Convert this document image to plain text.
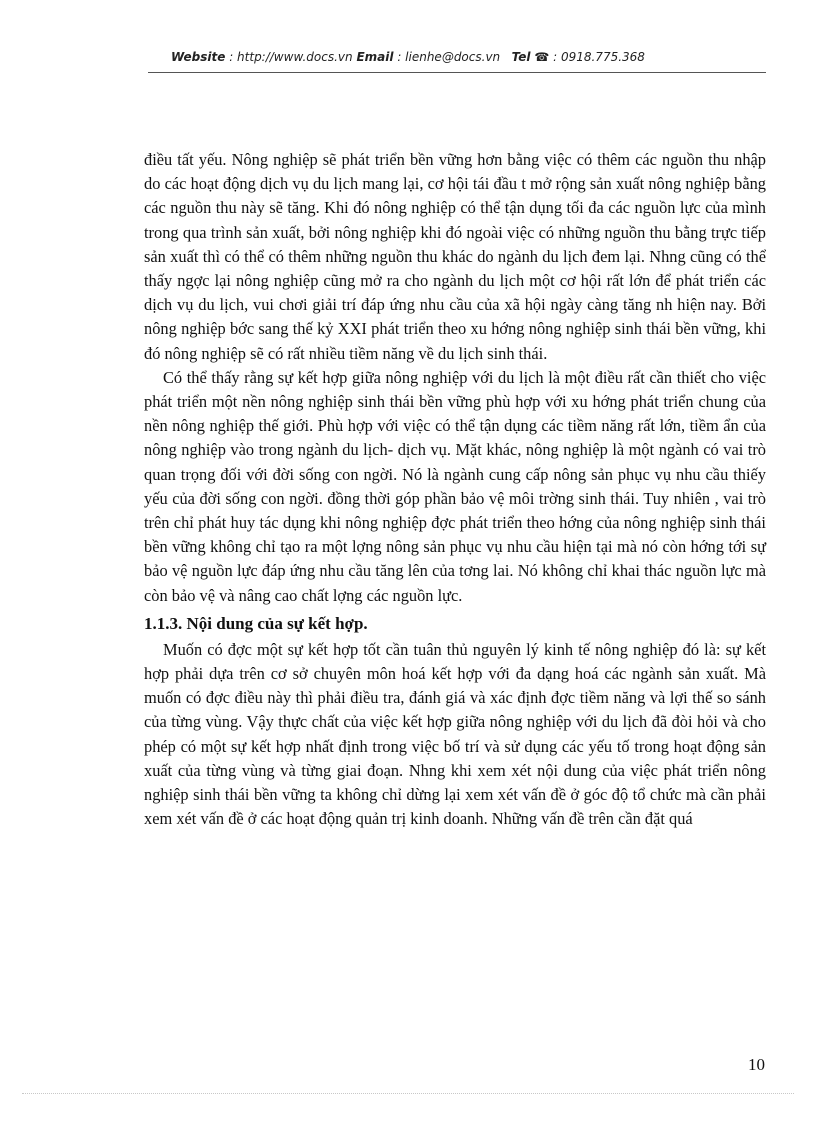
Website : http://www.docs.vn Email : lienhe@docs.vn Tel ☎ : 0918.775.368

điều tất yếu. Nông nghiệp sẽ phát triển bền vững hơn bằng việc có thêm các nguồn thu nhập do các hoạt động dịch vụ du lịch mang lại, cơ hội tái đầu t mở rộng sản xuất nông nghiệp bằng các nguồn thu này sẽ tăng. Khi đó nông nghiệp có thể tận dụng tối đa các nguồn lực của mình trong qua trình sản xuất, bởi nông nghiệp khi đó ngoài việc có những nguồn thu bằng trực tiếp sản xuất thì có thể có thêm những nguồn thu khác do ngành du lịch đem lại. Nhng cũng có thể thấy ngợc lại nông nghiệp cũng mở ra cho ngành du lịch một cơ hội rất lớn để phát triển các dịch vụ du lịch, vui chơi giải trí đáp ứng nhu cầu của xã hội ngày càng tăng nh hiện nay. Bởi nông nghiệp bớc sang thế kỷ XXI phát triển theo xu hớng nông nghiệp sinh thái bền vững, khi đó nông nghiệp sẽ có rất nhiều tiềm năng về du lịch sinh thái.

Có thể thấy rằng sự kết hợp giữa nông nghiệp với du lịch là một điều rất cần thiết cho việc phát triển một nền nông nghiệp sinh thái bền vững phù hợp với xu hớng phát triển chung của nền nông nghiệp thế giới. Phù hợp với việc có thể tận dụng các tiềm năng rất lớn, tiềm ẩn của nông nghiệp vào trong ngành du lịch- dịch vụ. Mặt khác, nông nghiệp là một ngành có vai trò quan trọng đối với đời sống con ngời. Nó là ngành cung cấp nông sản phục vụ nhu cầu thiếy yếu của đời sống con ngời. đồng thời góp phần bảo vệ môi trờng sinh thái. Tuy nhiên , vai trò trên chỉ phát huy tác dụng khi nông nghiệp đợc phát triển theo hớng của nông nghiệp sinh thái bền vững không chỉ tạo ra một lợng nông sản phục vụ nhu cầu hiện tại mà nó còn hớng tới sự bảo vệ nguồn lực đáp ứng nhu cầu tăng lên của tơng lai. Nó không chỉ khai thác nguồn lực mà còn bảo vệ và nâng cao chất lợng các nguồn lực.

1.1.3. Nội dung của sự kết hợp.

Muốn có đợc một sự kết hợp tốt cần tuân thủ nguyên lý kinh tế nông nghiệp đó là: sự kết hợp phải dựa trên cơ sở chuyên môn hoá kết hợp với đa dạng hoá các ngành sản xuất. Mà muốn có đợc điều này thì phải điều tra, đánh giá và xác định đợc tiềm năng và lợi thế so sánh của từng vùng. Vậy thực chất của việc kết hợp giữa nông nghiệp với du lịch đã đòi hỏi và cho phép có một sự kết hợp nhất định trong việc bố trí và sử dụng các yếu tố trong hoạt động sản xuất của từng vùng và từng giai đoạn. Nhng khi xem xét nội dung của việc phát triển nông nghiệp sinh thái bền vững ta không chỉ dừng lại xem xét vấn đề ở góc độ tổ chức mà cần phải xem xét vấn đề ở các hoạt động quản trị kinh doanh. Những vấn đề trên cần đặt quá

10
